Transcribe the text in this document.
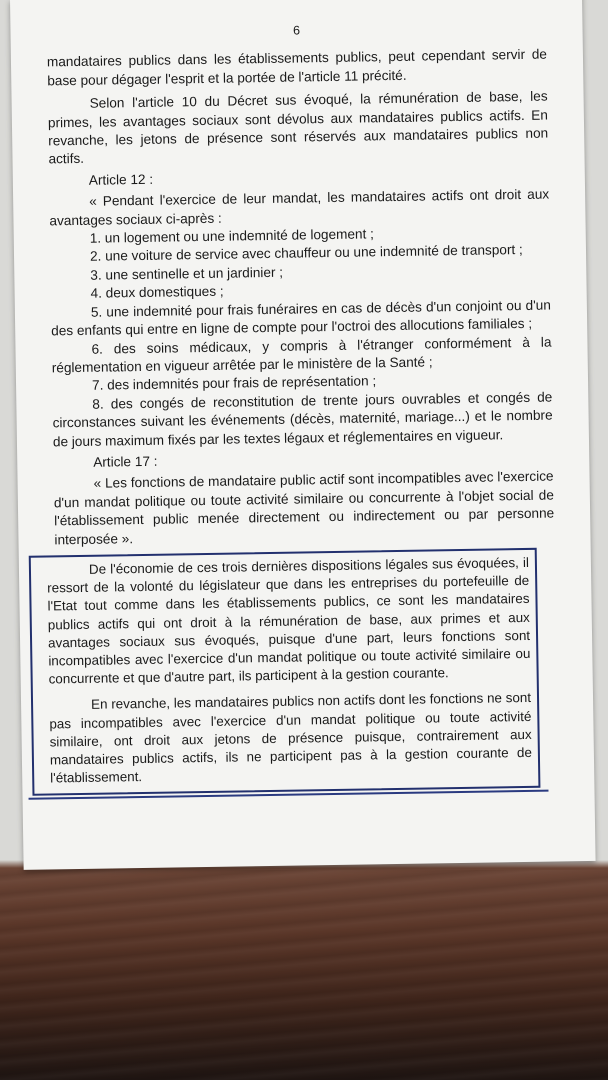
6

mandataires publics dans les établissements publics, peut cependant servir de base pour dégager l'esprit et la portée de l'article 11 précité.

Selon l'article 10 du Décret sus évoqué, la rémunération de base, les primes, les avantages sociaux sont dévolus aux mandataires publics actifs. En revanche, les jetons de présence sont réservés aux mandataires publics non actifs.

Article 12 :

« Pendant l'exercice de leur mandat, les mandataires actifs ont droit aux avantages sociaux ci-après :

1. un logement ou une indemnité de logement ;
2. une voiture de service avec chauffeur ou une indemnité de transport ;
3. une sentinelle et un jardinier ;
4. deux domestiques ;
5. une indemnité pour frais funéraires en cas de décès d'un conjoint ou d'un des enfants qui entre en ligne de compte pour l'octroi des allocutions familiales ;
6. des soins médicaux, y compris à l'étranger conformément à la réglementation en vigueur arrêtée par le ministère de la Santé ;
7. des indemnités pour frais de représentation ;
8. des congés de reconstitution de trente jours ouvrables et congés de circonstances suivant les événements (décès, maternité, mariage...) et le nombre de jours maximum fixés par les textes légaux et réglementaires en vigueur.

Article 17 :

« Les fonctions de mandataire public actif sont incompatibles avec l'exercice d'un mandat politique ou toute activité similaire ou concurrente à l'objet social de l'établissement public menée directement ou indirectement ou par personne interposée ».

De l'économie de ces trois dernières dispositions légales sus évoquées, il ressort de la volonté du législateur que dans les entreprises du portefeuille de l'Etat tout comme dans les établissements publics, ce sont les mandataires publics actifs qui ont droit à la rémunération de base, aux primes et aux avantages sociaux sus évoqués, puisque d'une part, leurs fonctions sont incompatibles avec l'exercice d'un mandat politique ou toute activité similaire ou concurrente et que d'autre part, ils participent à la gestion courante.

En revanche, les mandataires publics non actifs dont les fonctions ne sont pas incompatibles avec l'exercice d'un mandat politique ou toute activité similaire, ont droit aux jetons de présence puisque, contrairement aux mandataires publics actifs, ils ne participent pas à la gestion courante de l'établissement.
